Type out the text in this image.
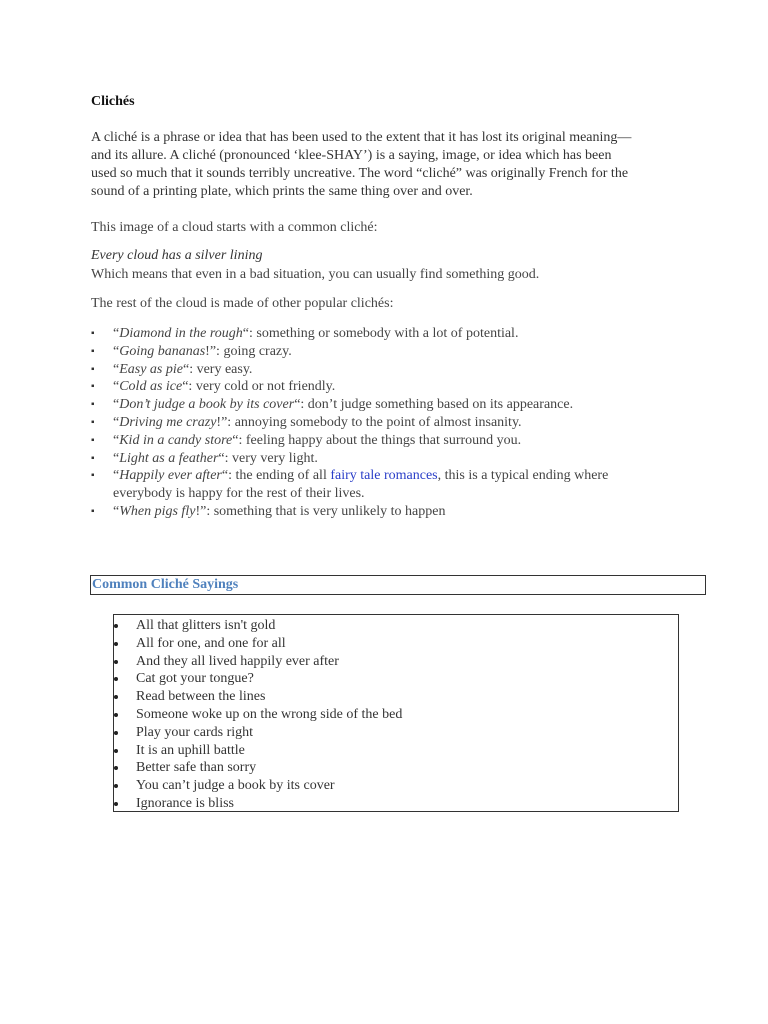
Clichés
A cliché is a phrase or idea that has been used to the extent that it has lost its original meaning—
and its allure. A cliché (pronounced ‘klee-SHAY’) is a saying, image, or idea which has been
used so much that it sounds terribly uncreative. The word “cliché” was originally French for the
sound of a printing plate, which prints the same thing over and over.
This image of a cloud starts with a common cliché:
Every cloud has a silver lining
Which means that even in a bad situation, you can usually find something good.
The rest of the cloud is made of other popular clichés:
▪ “Diamond in the rough“: something or somebody with a lot of potential.
▪ “Going bananas!”: going crazy.
▪ “Easy as pie“: very easy.
▪ “Cold as ice“: very cold or not friendly.
▪ “Don’t judge a book by its cover“: don’t judge something based on its appearance.
▪ “Driving me crazy!”: annoying somebody to the point of almost insanity.
▪ “Kid in a candy store“: feeling happy about the things that surround you.
▪ “Light as a feather“: very very light.
▪ “Happily ever after“: the ending of all fairy tale romances, this is a typical ending where
everybody is happy for the rest of their lives.
▪ “When pigs fly!”: something that is very unlikely to happen
Common Cliché Sayings
All that glitters isn't gold
All for one, and one for all
And they all lived happily ever after
Cat got your tongue?
Read between the lines
Someone woke up on the wrong side of the bed
Play your cards right
It is an uphill battle
Better safe than sorry
You can’t judge a book by its cover
Ignorance is bliss
